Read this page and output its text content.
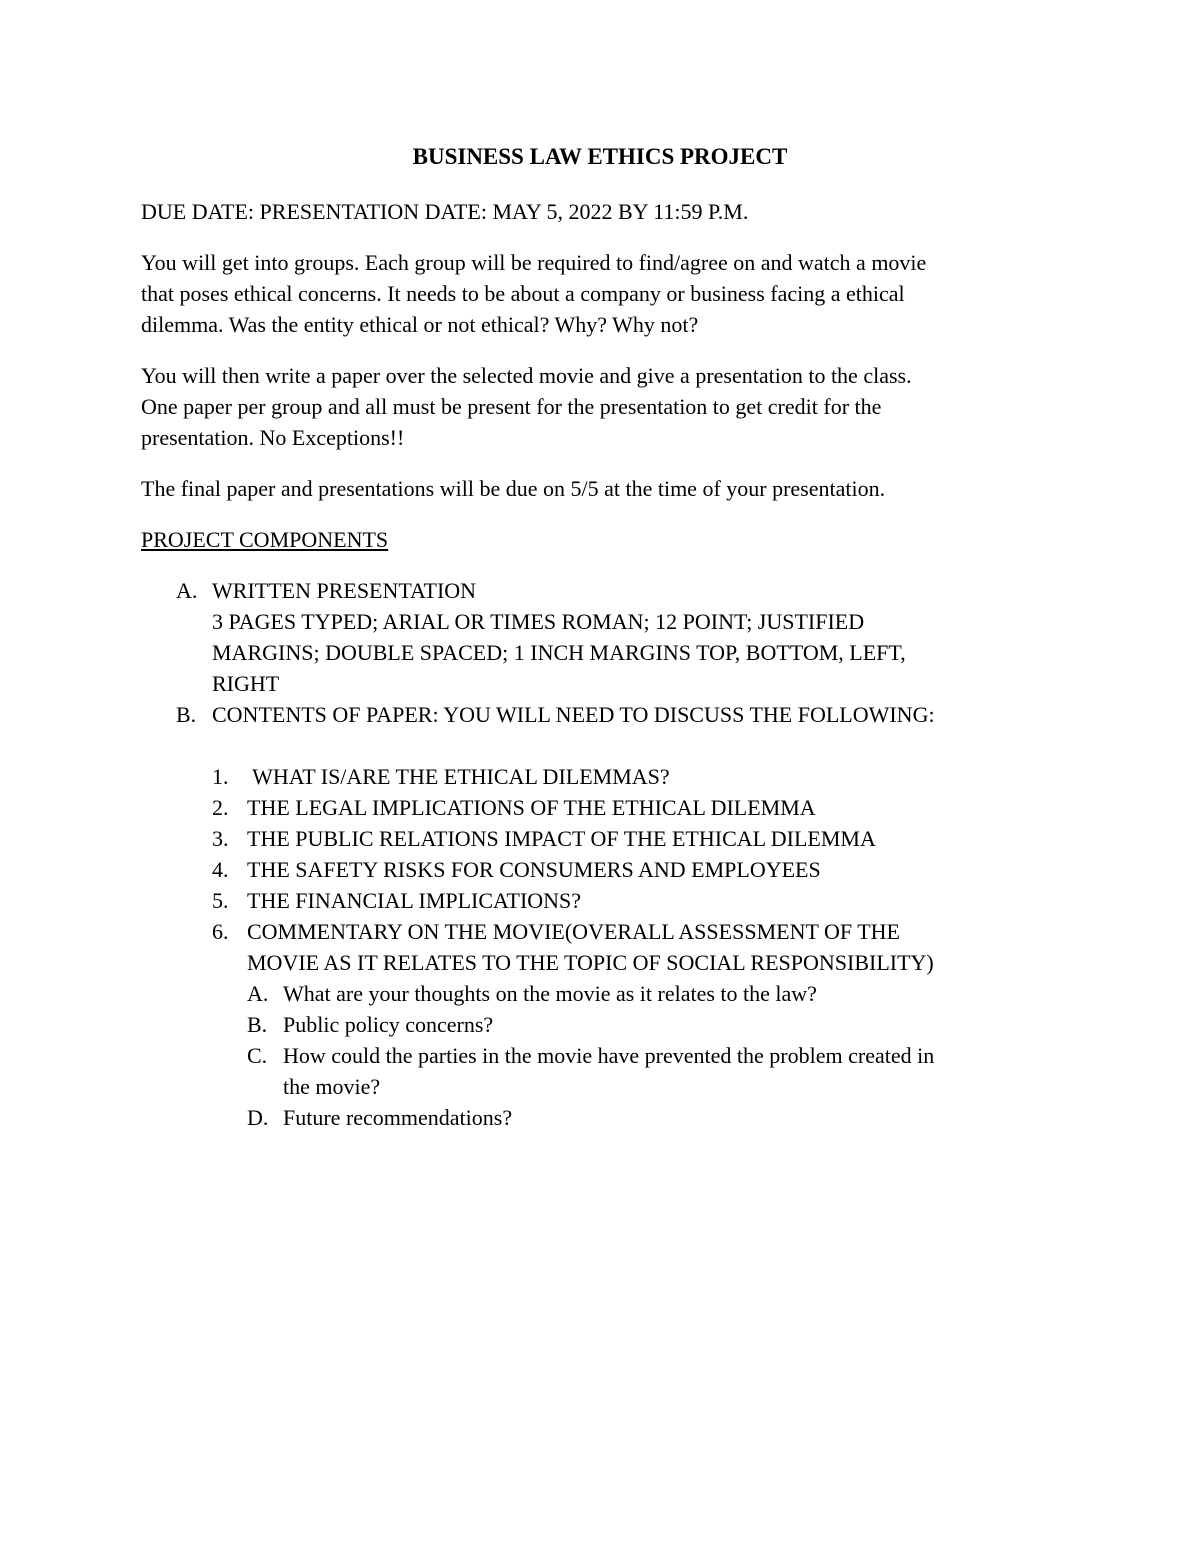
BUSINESS LAW ETHICS PROJECT
DUE DATE: PRESENTATION DATE: MAY 5, 2022 BY 11:59 P.M.
You will get into groups. Each group will be required to find/agree on and watch a movie
that poses ethical concerns. It needs to be about a company or business facing a ethical
dilemma. Was the entity ethical or not ethical? Why? Why not?
You will then write a paper over the selected movie and give a presentation to the class.
One paper per group and all must be present for the presentation to get credit for the
presentation. No Exceptions!!
The final paper and presentations will be due on 5/5 at the time of your presentation.
PROJECT COMPONENTS
A. WRITTEN PRESENTATION
3 PAGES TYPED; ARIAL OR TIMES ROMAN; 12 POINT; JUSTIFIED
MARGINS; DOUBLE SPACED; 1 INCH MARGINS TOP, BOTTOM, LEFT,
RIGHT
B. CONTENTS OF PAPER: YOU WILL NEED TO DISCUSS THE FOLLOWING:
1. WHAT IS/ARE THE ETHICAL DILEMMAS?
2. THE LEGAL IMPLICATIONS OF THE ETHICAL DILEMMA
3. THE PUBLIC RELATIONS IMPACT OF THE ETHICAL DILEMMA
4. THE SAFETY RISKS FOR CONSUMERS AND EMPLOYEES
5. THE FINANCIAL IMPLICATIONS?
6. COMMENTARY ON THE MOVIE(OVERALL ASSESSMENT OF THE
MOVIE AS IT RELATES TO THE TOPIC OF SOCIAL RESPONSIBILITY)
A. What are your thoughts on the movie as it relates to the law?
B. Public policy concerns?
C. How could the parties in the movie have prevented the problem created in
the movie?
D. Future recommendations?
